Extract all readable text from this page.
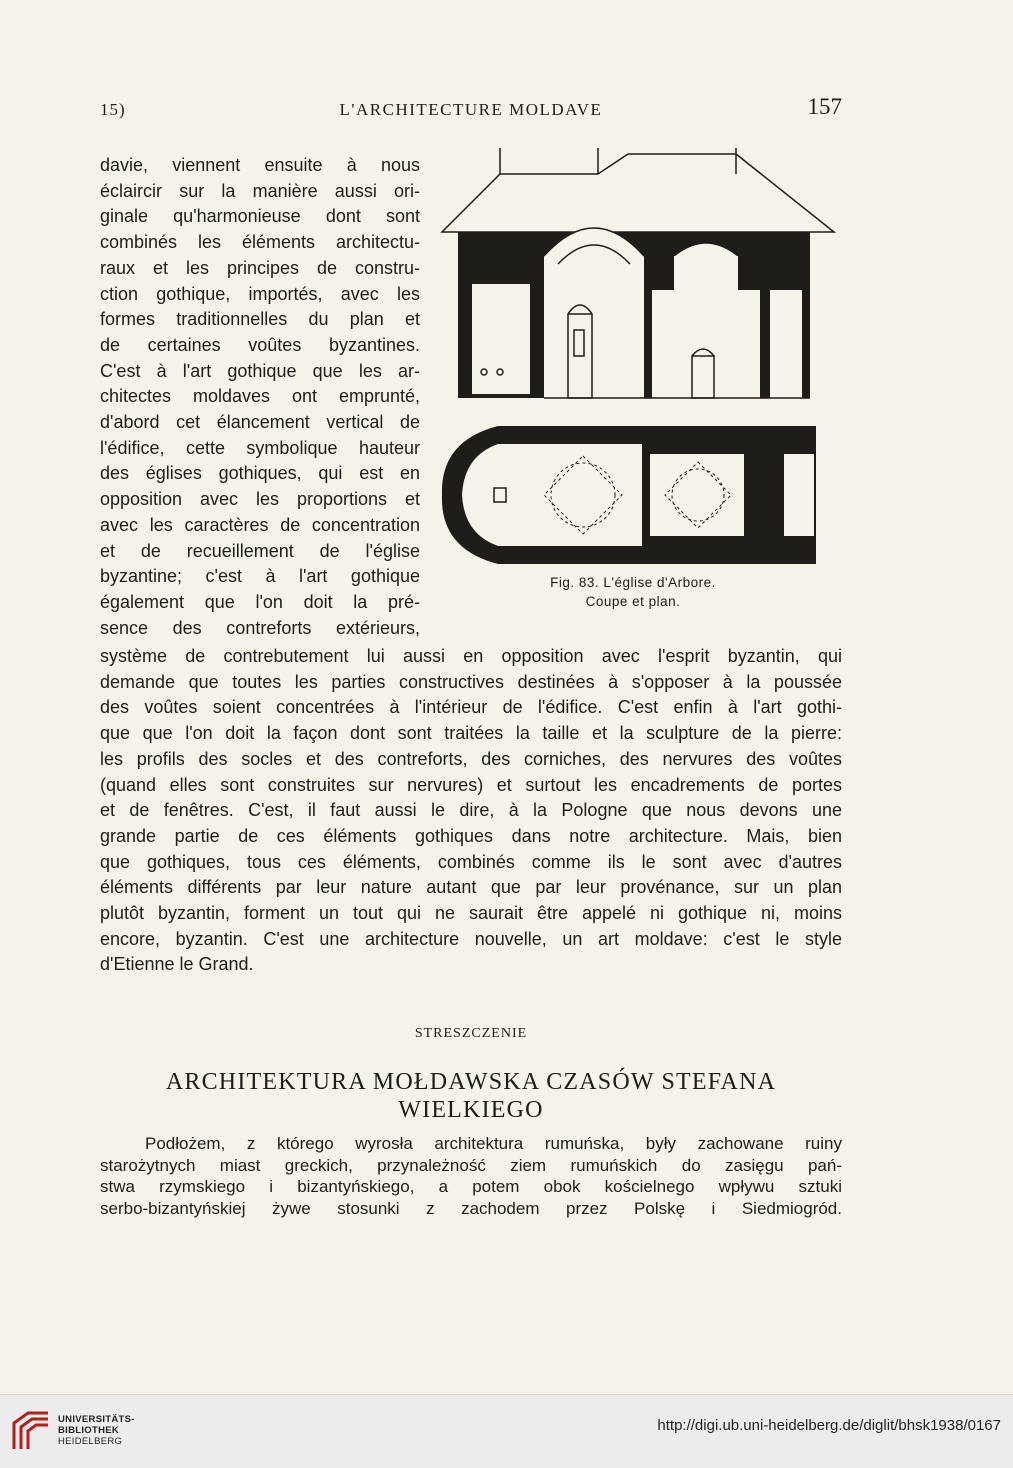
15)	L'ARCHITECTURE MOLDAVE	157
davie, viennent ensuite à nous
éclaircir sur la manière aussi ori-
ginale qu'harmonieuse dont sont
combinés les éléments architectu-
raux et les principes de constru-
ction gothique, importés, avec les
formes traditionnelles du plan et
de certaines voûtes byzantines.
C'est à l'art gothique que les ar-
chitectes moldaves ont emprunté,
d'abord cet élancement vertical de
l'édifice, cette symbolique hauteur
des églises gothiques, qui est en
opposition avec les proportions et
avec les caractères de concentration
et de recueillement de l'église
byzantine; c'est à l'art gothique
également que l'on doit la pré-
sence des contreforts extérieurs,
Fig. 83. L'église d'Arbore.
Coupe et plan.
système de contrebutement lui aussi en opposition avec l'esprit byzantin, qui
demande que toutes les parties constructives destinées à s'opposer à la poussée
des voûtes soient concentrées à l'intérieur de l'édifice. C'est enfin à l'art gothi-
que que l'on doit la façon dont sont traitées la taille et la sculpture de la pierre:
les profils des socles et des contreforts, des corniches, des nervures des voûtes
(quand elles sont construites sur nervures) et surtout les encadrements de portes
et de fenêtres. C'est, il faut aussi le dire, à la Pologne que nous devons une
grande partie de ces éléments gothiques dans notre architecture. Mais, bien
que gothiques, tous ces éléments, combinés comme ils le sont avec d'autres
éléments différents par leur nature autant que par leur provénance, sur un plan
plutôt byzantin, forment un tout qui ne saurait être appelé ni gothique ni, moins
encore, byzantin. C'est une architecture nouvelle, un art moldave: c'est le style
d'Etienne le Grand.
STRESZCZENIE
ARCHITEKTURA MOŁDAWSKA CZASÓW STEFANA
WIELKIEGO
Podłożem, z którego wyrosła architektura rumuńska, były zachowane ruiny
starożytnych miast greckich, przynależność ziem rumuńskich do zasięgu pań-
stwa rzymskiego i bizantyńskiego, a potem obok kościelnego wpływu sztuki
serbo-bizantyńskiej żywe stosunki z zachodem przez Polskę i Siedmiogród.
UNIVERSITÄTS-
BIBLIOTHEK
HEIDELBERG
http://digi.ub.uni-heidelberg.de/diglit/bhsk1938/0167
